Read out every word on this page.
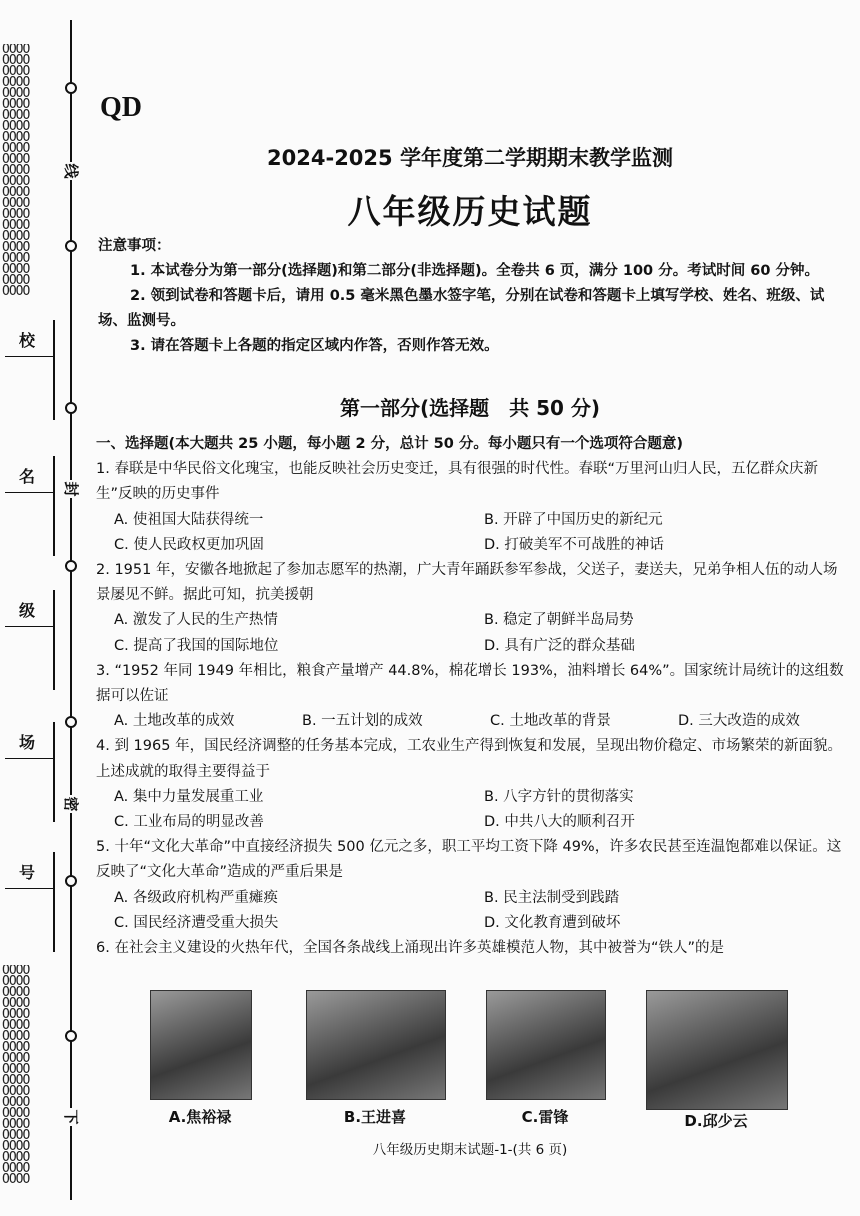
OOOO
OOOO
OOOO
OOOO
OOOO
OOOO
OOOO
OOOO
OOOO
OOOO
OOOO
OOOO
OOOO
OOOO
OOOO
OOOO
OOOO
OOOO
OOOO
OOOO
OOOO
OOOO
OOOO
OOOO
OOOO
OOOO
OOOO
OOOO
OOOO
OOOO
OOOO
OOOO
OOOO
OOOO
OOOO
OOOO
OOOO
OOOO
OOOO
OOOO
OOOO
OOOO
OOOO
线
封
密
下
校
名
级
场
号
QD
2024-2025 学年度第二学期期末教学监测
八年级历史试题

注意事项：

1. 本试卷分为第一部分(选择题)和第二部分(非选择题)。全卷共 6 页，满分 100 分。考试时间 60 分钟。

2. 领到试卷和答题卡后，请用 0.5 毫米黑色墨水签字笔，分别在试卷和答题卡上填写学校、姓名、班级、试场、监测号。

3. 请在答题卡上各题的指定区域内作答，否则作答无效。

第一部分(选择题　共 50 分)

一、选择题(本大题共 25 小题，每小题 2 分，总计 50 分。每小题只有一个选项符合题意)

1. 春联是中华民俗文化瑰宝，也能反映社会历史变迁，具有很强的时代性。春联“万里河山归人民，五亿群众庆新生”反映的历史事件

A. 使祖国大陆获得统一	B. 开辟了中国历史的新纪元
C. 使人民政权更加巩固	D. 打破美军不可战胜的神话

2. 1951 年，安徽各地掀起了参加志愿军的热潮，广大青年踊跃参军参战，父送子，妻送夫，兄弟争相人伍的动人场景屡见不鲜。据此可知，抗美援朝

A. 激发了人民的生产热情	B. 稳定了朝鲜半岛局势
C. 提高了我国的国际地位	D. 具有广泛的群众基础

3. “1952 年同 1949 年相比，粮食产量增产 44.8%，棉花增长 193%，油料增长 64%”。国家统计局统计的这组数据可以佐证

A. 土地改革的成效	B. 一五计划的成效	C. 土地改革的背景	D. 三大改造的成效

4. 到 1965 年，国民经济调整的任务基本完成，工农业生产得到恢复和发展，呈现出物价稳定、市场繁荣的新面貌。上述成就的取得主要得益于

A. 集中力量发展重工业	B. 八字方针的贯彻落实
C. 工业布局的明显改善	D. 中共八大的顺利召开

5. 十年“文化大革命”中直接经济损失 500 亿元之多，职工平均工资下降 49%，许多农民甚至连温饱都难以保证。这反映了“文化大革命”造成的严重后果是

A. 各级政府机构严重瘫痪	B. 民主法制受到践踏
C. 国民经济遭受重大损失	D. 文化教育遭到破坏

6. 在社会主义建设的火热年代，全国各条战线上涌现出许多英雄模范人物，其中被誉为“铁人”的是

A.焦裕禄	B.王进喜	C.雷锋	D.邱少云
八年级历史期末试题-1-(共 6 页)
